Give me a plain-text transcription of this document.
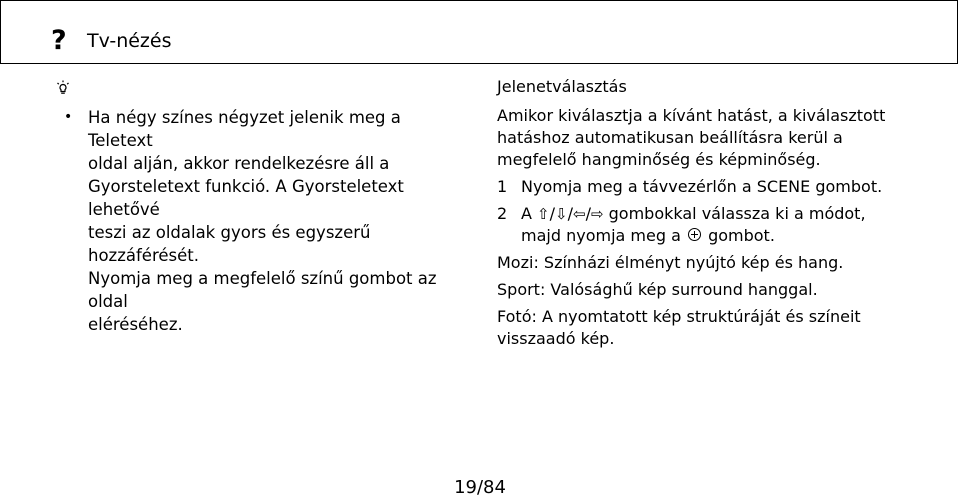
? Tv-nézés
• Ha négy színes négyzet jelenik meg a Teletext
oldal alján, akkor rendelkezésre áll a
Gyorsteletext funkció. A Gyorsteletext lehetővé
teszi az oldalak gyors és egyszerű hozzáférését.
Nyomja meg a megfelelő színű gombot az oldal
eléréséhez.

Jelenetválasztás

Amikor kiválasztja a kívánt hatást, a kiválasztott
hatáshoz automatikusan beállításra kerül a
megfelelő hangminőség és képminőség.

1 Nyomja meg a távvezérlőn a SCENE gombot.
2 A ⇧/⇩/⇦/⇨ gombokkal válassza ki a módot,
majd nyomja meg a gombot.

Mozi: Színházi élményt nyújtó kép és hang.

Sport: Valósághű kép surround hanggal.

Fotó: A nyomtatott kép struktúráját és színeit
visszaadó kép.

19/84
